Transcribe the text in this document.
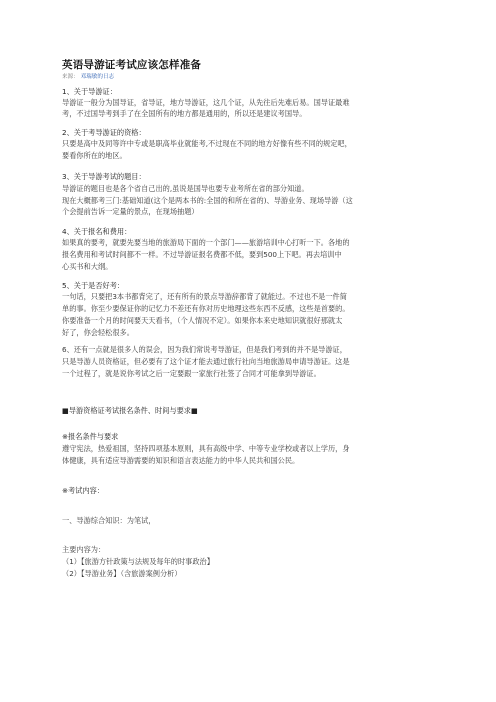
英语导游证考试应该怎样准备
来源： 邓瑞敏的日志
1、关于导游证：
导游证一般分为国导证，省导证，地方导游证，这几个证，从先往后先难后易。国导证最难
考，不过国导考到手了在全国所有的地方都是通用的，所以还是建议考国导。
2、关于考导游证的资格：
只要是高中及同等许中专或是职高毕业就能考,不过现在不同的地方好像有些不同的规定吧，
要看你所在的地区。
3、关于导游考试的题目：
导游证的题目也是各个省自己出的,虽说是国导也要专业考所在省的部分知道。
现在大概都考三门:基础知道(这个是两本书的:全国的和所在省的)、导游业务、现场导游（这
个会提前告诉一定量的景点，在现场抽题）
4、关于报名和费用：
如果真的要考，就要先要当地的旅游局下面的一个部门——旅游培训中心打听一下。各地的
报名费用和考试时间都不一样。不过导游证报名费都不低，要到500上下吧。再去培训中
心买书和大纲。
5、关于是否好考：
一句话，只要把3本书都背完了，还有所有的景点导游辞都背了就能过。不过也不是一件简
单的事。你至少要保证你的记忆力不差还有你对历史地理这些东西不反感，这些是首要的。
你要准备一个月的时间要天天看书，（个人情况不定）。如果你本来史地知识就很好那就太
好了，你会轻松很多。
6、还有一点就是很多人的误会，因为我们常说考导游证，但是我们考到的并不是导游证，
只是导游人员资格证，但必要有了这个证才能去通过旅行社向当地旅游局申请导游证。这是
一个过程了，就是说你考试之后一定要跟一家旅行社签了合同才可能拿到导游证。
■导游资格证考试报名条件、时间与要求■
※报名条件与要求
遵守宪法，热爱祖国，坚持四项基本原则，具有高级中学、中等专业学校或者以上学历，身
体健康，具有适应导游需要的知识和语言表达能力的中华人民共和国公民。
※考试内容：
一、导游综合知识：为笔试，
主要内容为：
（1）【旅游方针政策与法规及每年的时事政治】
（2）【导游业务】（含旅游案例分析）
